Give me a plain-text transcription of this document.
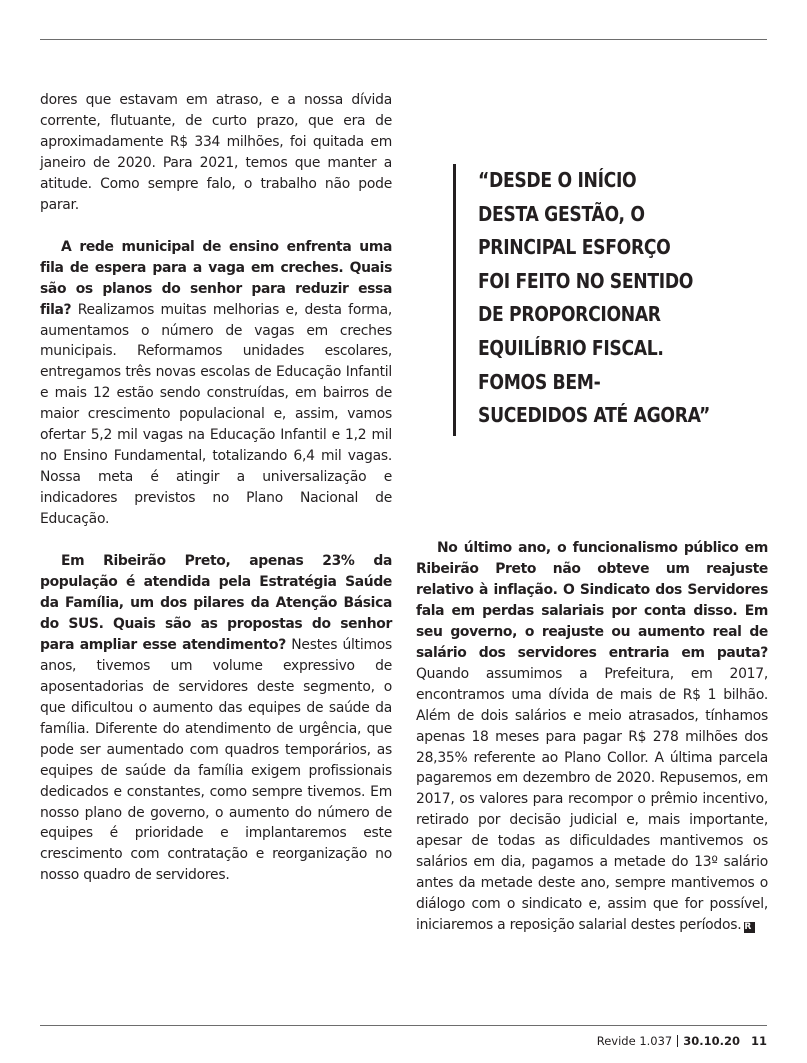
dores que estavam em atraso, e a nossa dívida corrente, flutuante, de curto prazo, que era de aproximadamente R$ 334 milhões, foi quitada em janeiro de 2020. Para 2021, temos que manter a atitude. Como sempre falo, o trabalho não pode parar.

A rede municipal de ensino enfrenta uma fila de espera para a vaga em creches. Quais são os planos do senhor para reduzir essa fila? Realizamos muitas melhorias e, desta forma, aumentamos o número de vagas em creches municipais. Reformamos unidades escolares, entregamos três novas escolas de Educação Infantil e mais 12 estão sendo construídas, em bairros de maior crescimento populacional e, assim, vamos ofertar 5,2 mil vagas na Educação Infantil e 1,2 mil no Ensino Fundamental, totalizando 6,4 mil vagas. Nossa meta é atingir a universalização e indicadores previstos no Plano Nacional de Educação.

Em Ribeirão Preto, apenas 23% da população é atendida pela Estratégia Saúde da Família, um dos pilares da Atenção Básica do SUS. Quais são as propostas do senhor para ampliar esse atendimento? Nestes últimos anos, tivemos um volume expressivo de aposentadorias de servidores deste segmento, o que dificultou o aumento das equipes de saúde da família. Diferente do atendimento de urgência, que pode ser aumentado com quadros temporários, as equipes de saúde da família exigem profissionais dedicados e constantes, como sempre tivemos. Em nosso plano de governo, o aumento do número de equipes é prioridade e implantaremos este crescimento com contratação e reorganização no nosso quadro de servidores.

“DESDE O INÍCIO
DESTA GESTÃO, O
PRINCIPAL ESFORÇO
FOI FEITO NO SENTIDO
DE PROPORCIONAR
EQUILÍBRIO FISCAL.
FOMOS BEM-
SUCEDIDOS ATÉ AGORA”

No último ano, o funcionalismo público em Ribeirão Preto não obteve um reajuste relativo à inflação. O Sindicato dos Servidores fala em perdas salariais por conta disso. Em seu governo, o reajuste ou aumento real de salário dos servidores entraria em pauta? Quando assumimos a Prefeitura, em 2017, encontramos uma dívida de mais de R$ 1 bilhão. Além de dois salários e meio atrasados, tínhamos apenas 18 meses para pagar R$ 278 milhões dos 28,35% referente ao Plano Collor. A última parcela pagaremos em dezembro de 2020. Repusemos, em 2017, os valores para recompor o prêmio incentivo, retirado por decisão judicial e, mais importante, apesar de todas as dificuldades mantivemos os salários em dia, pagamos a metade do 13º salário antes da metade deste ano, sempre mantivemos o diálogo com o sindicato e, assim que for possível, iniciaremos a reposição salarial destes períodos. R

Revide 1.037 30.10.20 11
